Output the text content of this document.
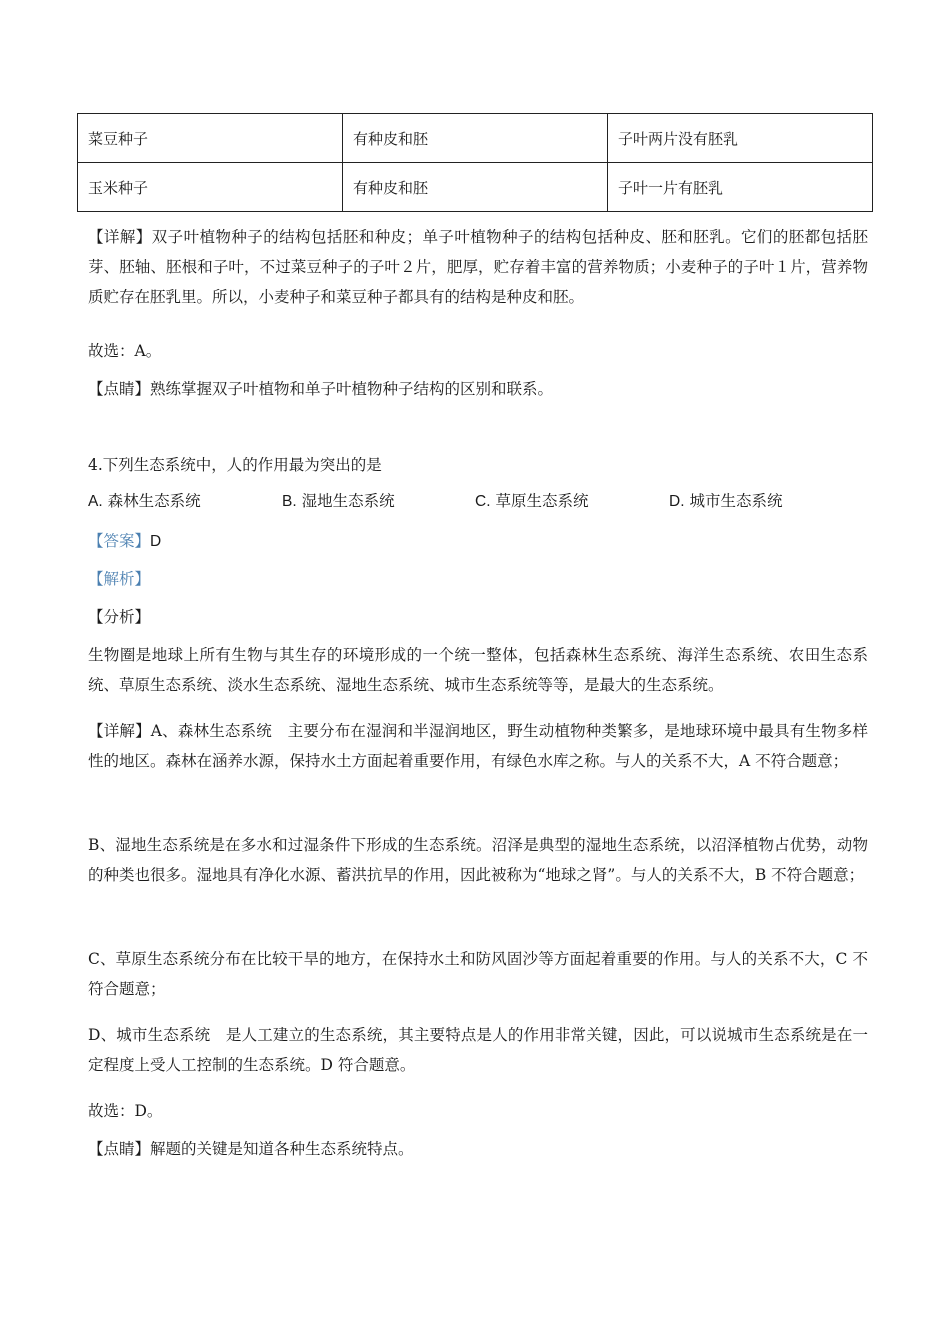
菜豆种子	有种皮和胚	子叶两片没有胚乳
玉米种子	有种皮和胚	子叶一片有胚乳

【详解】双子叶植物种子的结构包括胚和种皮；单子叶植物种子的结构包括种皮、胚和胚乳。它们的胚都包括胚芽、胚轴、胚根和子叶，不过菜豆种子的子叶２片，肥厚，贮存着丰富的营养物质；小麦种子的子叶１片，营养物质贮存在胚乳里。所以，小麦种子和菜豆种子都具有的结构是种皮和胚。

故选：A。

【点睛】熟练掌握双子叶植物和单子叶植物种子结构的区别和联系。

4.下列生态系统中，人的作用最为突出的是

A. 森林生态系统	B. 湿地生态系统	C. 草原生态系统	D. 城市生态系统

【答案】D

【解析】

【分析】

生物圈是地球上所有生物与其生存的环境形成的一个统一整体，包括森林生态系统、海洋生态系统、农田生态系统、草原生态系统、淡水生态系统、湿地生态系统、城市生态系统等等，是最大的生态系统。

【详解】A、森林生态系统　主要分布在湿润和半湿润地区，野生动植物种类繁多，是地球环境中最具有生物多样性的地区。森林在涵养水源，保持水土方面起着重要作用，有绿色水库之称。与人的关系不大，A 不符合题意；

B、湿地生态系统是在多水和过湿条件下形成的生态系统。沼泽是典型的湿地生态系统，以沼泽植物占优势，动物的种类也很多。湿地具有净化水源、蓄洪抗旱的作用，因此被称为“地球之肾”。与人的关系不大，B 不符合题意；

C、草原生态系统分布在比较干旱的地方，在保持水土和防风固沙等方面起着重要的作用。与人的关系不大，C 不符合题意；

D、城市生态系统　是人工建立的生态系统，其主要特点是人的作用非常关键，因此，可以说城市生态系统是在一定程度上受人工控制的生态系统。D 符合题意。

故选：D。

【点睛】解题的关键是知道各种生态系统特点。
